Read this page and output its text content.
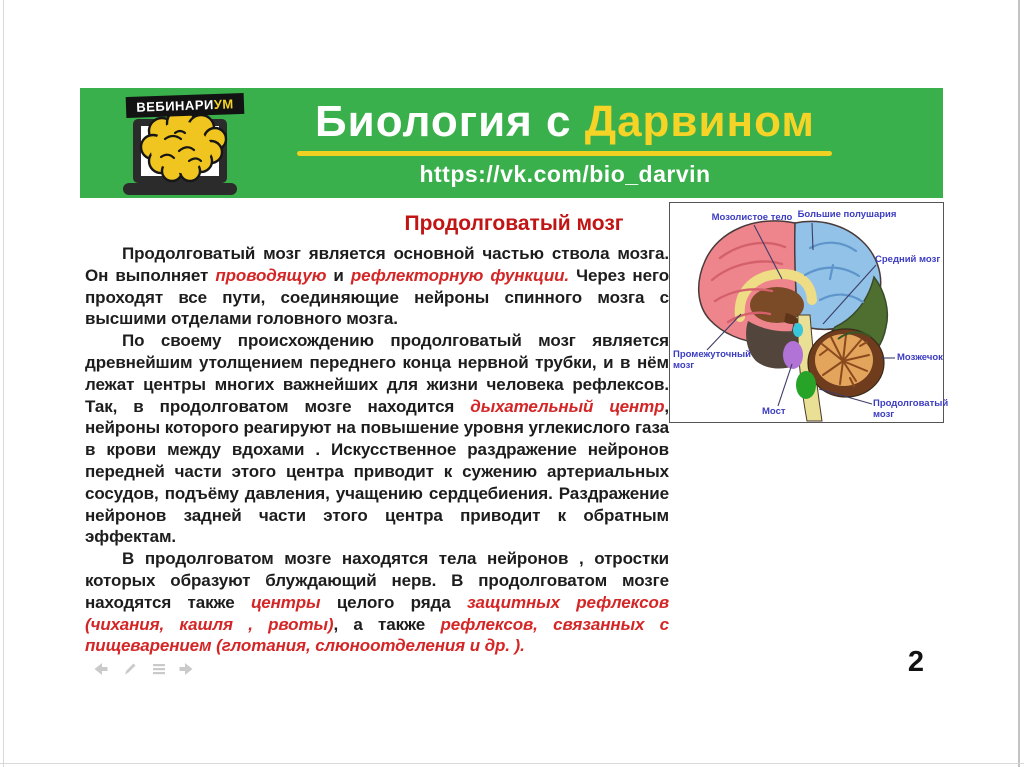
ВЕБИНАРИ УМ Биология с Дарвином
https://vk.com/bio_darvin
Продолговатый мозг

Продолговатый мозг является основной частью ствола мозга. Он выполняет проводящую и рефлекторную функции. Через него проходят все пути, соединяющие нейроны спинного мозга с высшими отделами головного мозга.

По своему происхождению продолговатый мозг является древнейшим утолщением переднего конца нервной трубки, и в нём лежат центры многих важнейших для жизни человека рефлексов. Так, в продолговатом мозге находится дыхательный центр, нейроны которого реагируют на повышение уровня углекислого газа в крови между вдохами . Искусственное раздражение нейронов передней части этого центра приводит к сужению артериальных сосудов, подъёму давления, учащению сердцебиения. Раздражение нейронов задней части этого центра приводит к обратным эффектам.

В продолговатом мозге находятся тела нейронов , отростки которых образуют блуждающий нерв. В продолговатом мозге находятся также центры целого ряда защитных рефлексов (чихания, кашля , рвоты), а также рефлексов, связанных с пищеварением (глотания, слюноотделения и др. ).

Мозолистое тело Большие полушария
Средний мозг
Промежуточный мозг
Мост
Мозжечок
Продолговатый мозг
2
